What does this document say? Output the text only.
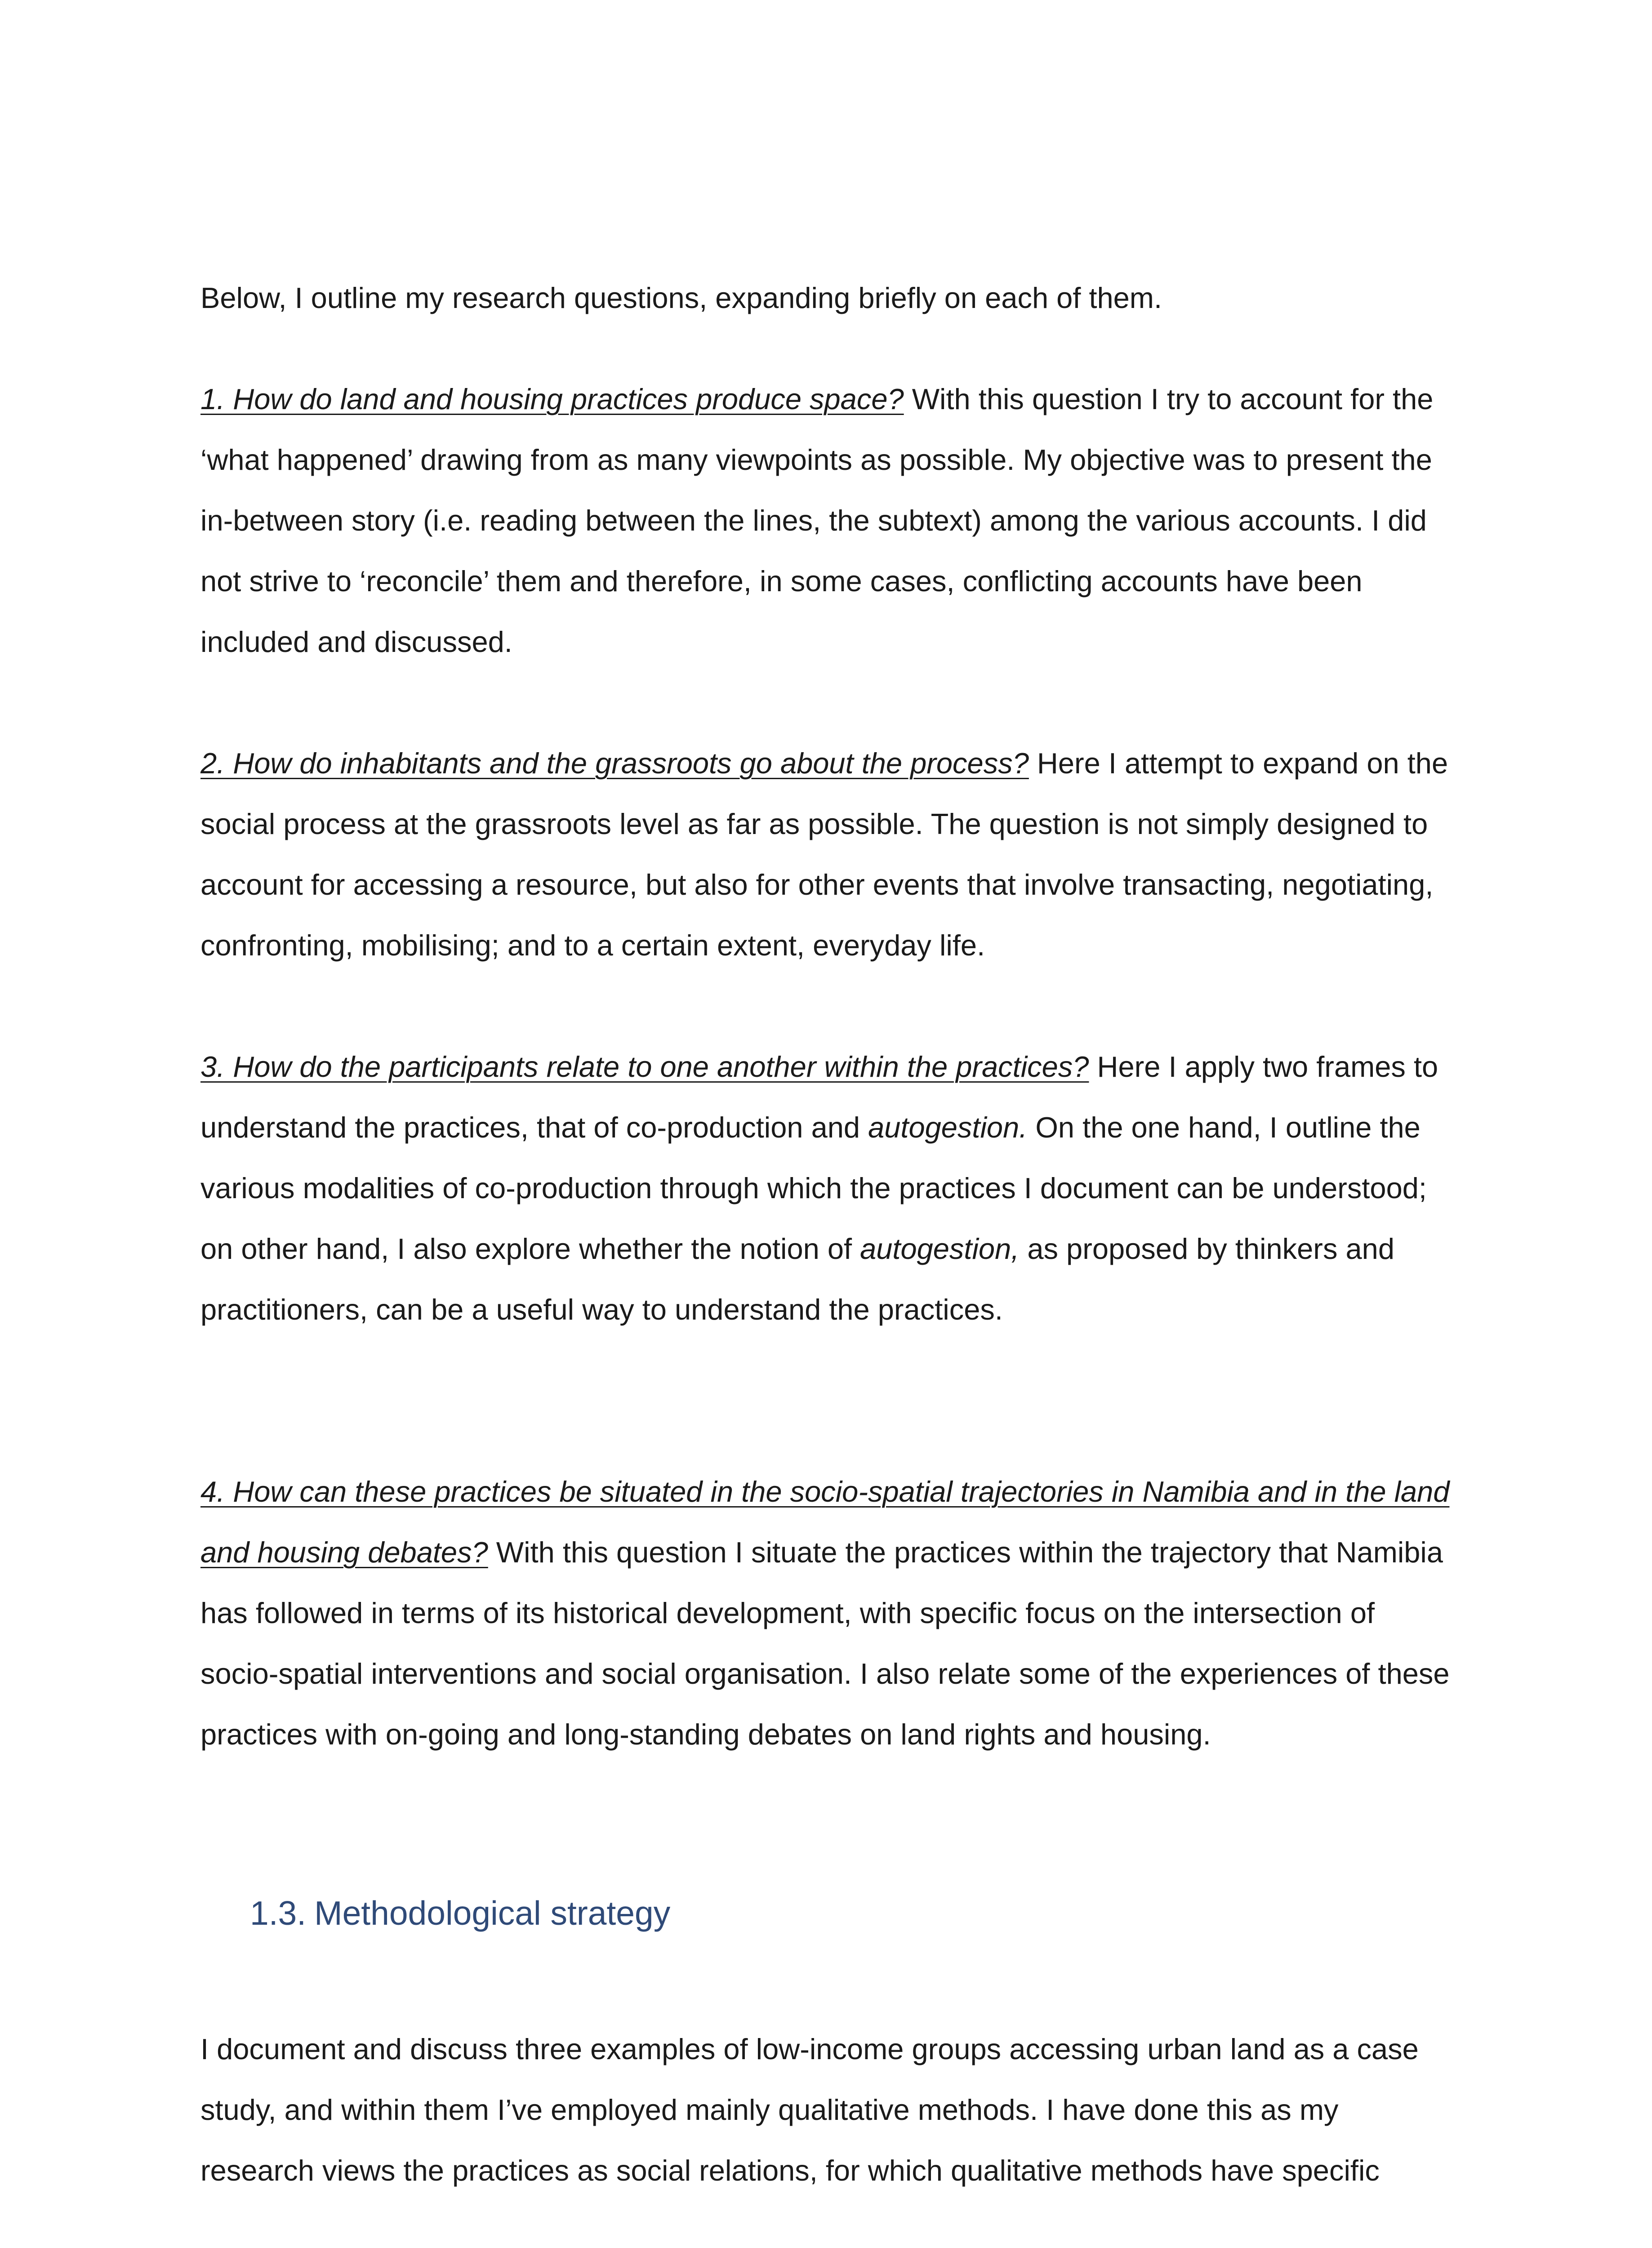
Below, I outline my research questions, expanding briefly on each of them.

1. How do land and housing practices produce space? With this question I try to account for the ‘what happened’ drawing from as many viewpoints as possible. My objective was to present the in-between story (i.e. reading between the lines, the subtext) among the various accounts. I did not strive to ‘reconcile’ them and therefore, in some cases, conflicting accounts have been included and discussed.

2. How do inhabitants and the grassroots go about the process? Here I attempt to expand on the social process at the grassroots level as far as possible. The question is not simply designed to account for accessing a resource, but also for other events that involve transacting, negotiating, confronting, mobilising; and to a certain extent, everyday life.

3. How do the participants relate to one another within the practices? Here I apply two frames to understand the practices, that of co-production and autogestion. On the one hand, I outline the various modalities of co-production through which the practices I document can be understood; on other hand, I also explore whether the notion of autogestion, as proposed by thinkers and practitioners, can be a useful way to understand the practices.

4. How can these practices be situated in the socio-spatial trajectories in Namibia and in the land and housing debates? With this question I situate the practices within the trajectory that Namibia has followed in terms of its historical development, with specific focus on the intersection of socio-spatial interventions and social organisation. I also relate some of the experiences of these practices with on-going and long-standing debates on land rights and housing.

1.3. Methodological strategy

I document and discuss three examples of low-income groups accessing urban land as a case study, and within them I’ve employed mainly qualitative methods. I have done this as my research views the practices as social relations, for which qualitative methods have specific
